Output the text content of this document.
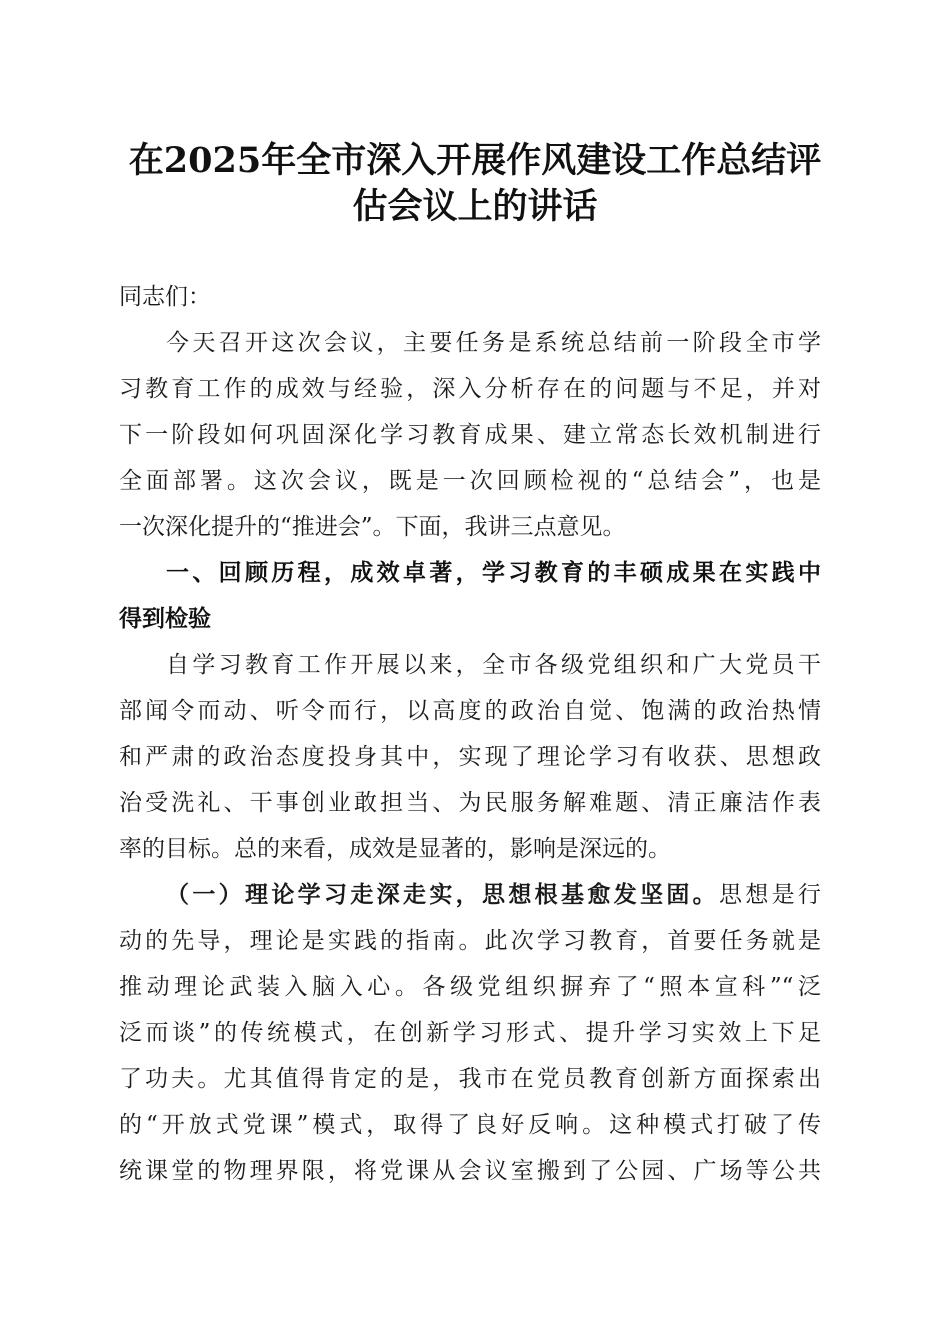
在2025年全市深入开展作风建设工作总结评
估会议上的讲话
同志们：
今天召开这次会议，主要任务是系统总结前一阶段全市学
习教育工作的成效与经验，深入分析存在的问题与不足，并对
下一阶段如何巩固深化学习教育成果、建立常态长效机制进行
全面部署。这次会议，既是一次回顾检视的“总结会”，也是
一次深化提升的“推进会”。下面，我讲三点意见。
一、回顾历程，成效卓著，学习教育的丰硕成果在实践中
得到检验
自学习教育工作开展以来，全市各级党组织和广大党员干
部闻令而动、听令而行，以高度的政治自觉、饱满的政治热情
和严肃的政治态度投身其中，实现了理论学习有收获、思想政
治受洗礼、干事创业敢担当、为民服务解难题、清正廉洁作表
率的目标。总的来看，成效是显著的，影响是深远的。
（一）理论学习走深走实，思想根基愈发坚固。思想是行
动的先导，理论是实践的指南。此次学习教育，首要任务就是
推动理论武装入脑入心。各级党组织摒弃了“照本宣科”“泛
泛而谈”的传统模式，在创新学习形式、提升学习实效上下足
了功夫。尤其值得肯定的是，我市在党员教育创新方面探索出
的“开放式党课”模式，取得了良好反响。这种模式打破了传
统课堂的物理界限，将党课从会议室搬到了公园、广场等公共
